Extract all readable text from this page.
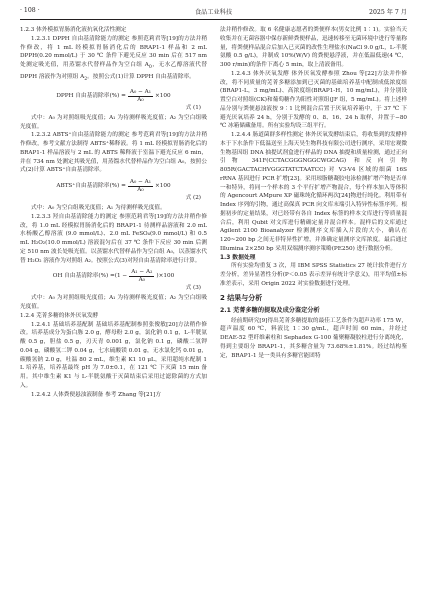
· 108 ·	食品工业科技	2025 年 7 月

1.2.3 体外模拟胃肠消化液抗氧化活性测定

1.2.3.1 DPPH 自由基清除能力的测定 参照范莉君等[19]的方法并稍作修改，将 1 mL 经模拟胃肠消化后的 BRAP1-1 样品和 2 mL DPPH(0.20 mmol/L) 于 30 ℃ 条件下避光反应 30 min 后在 517 nm 处测定吸光值，用蒸馏水代替样品作为空白组 $A_0$，无水乙醇溶液代替 DPPH 溶液作为对照组 $A_2$。按照公式(1)计算 DPPH 自由基清除率。

DPPH 自由基清除率(%) = $\frac{\text{A₀ − A₁}}{\text{A₀}} \times 100$
式 (1)

式中：A₀ 为对照组吸光度值；A₁ 为待测样吸光度值；A₂ 为空白组吸光度值。

1.2.3.2 ABTS⁺自由基清除能力的测定 参考范莉君等[19]的方法并稍作修改，参考文献方法制得 ABTS⁺稀释液。将 1 mL 经模拟胃肠消化后的 BRAP1-1 样品溶液与 2 mL 的 ABTS 稀释液于室温下避光反应 6 min，并在 734 nm 处测定其吸光值，用蒸馏水代替样品作为空白组 A₀，按照公式(2)计算 ABTS⁺自由基清除率。

ABTS⁺自由基清除率(%) = $\frac{\text{A₀ − A₁}}{\text{A₀}} \times 100$
式 (2)

式中：A₀ 为空白组吸光度值；A₁ 为待测样吸光度值。

1.2.3.3 羟自由基清除能力的测定 参照范莉君等[19]的方法并稍作修改，将 1.0 mL 经模拟胃肠消化后的 BRAP1-1 待测样品溶液和 2.0 mL 水杨酸乙醇溶液 (9.0 mmol/L)、2.0 mL FeSO₄(9.0 mmol/L) 和 0.5 mL H₂O₂(10.0 mmol/L) 溶液混匀后在 37 ℃ 条件下反应 30 min 后测定 510 nm 波长处吸光值。以蒸馏水代替样品作为空白组 A₀，以蒸馏水代替 H₂O₂ 溶液作为对照组 A₂。按照公式(3)对羟自由基清除率进行计算。

OH 自由基清除率(%) = $(1 - \frac{\text{A₁ − A₂}}{\text{A₀}} )\times 100$
式 (3)

式中：A₀ 为对照组吸光度值；A₁ 为待测样吸光度值；A₂ 为空白组吸光度值。

1.2.4 芜菁多糖的体外厌氧发酵

1.2.4.1 基础培养基配制 基础培养基配制参照张俊敏[20]方法稍作修改。培养基成分为蛋白胨 2.0 g，酵母粉 2.0 g，氯化钠 0.1 g，L-半胱氨酸 0.5 g，胆盐 0.5 g，刃天青 0.001 g，氯化钠 0.1 g，磷酸二氢钾 0.04 g，磷酸氢二钾 0.04 g，七水硫酸镁 0.01 g，无水氯化钙 0.01 g，碳酸氢钠 2.0 g，吐温 80 2 mL，维生素 K1 10 μL，采用超纯水配制 1 L 培养基，培养基最终 pH 为 7.0±0.1，在 121 ℃ 下灭菌 15 min 备用。其中维生素 K1 与 L-半胱氨酸于灭菌结束后采用过滤除菌的方式加入。

1.2.4.2 人体粪便悬浊液制备 参考 Zhang 等[21]方

法并稍作修改。取 6 名健康志愿者的粪便样本(男女比例 1∶1)。实验当天收集并在无菌容器中保存新鲜粪便样品，迅速转移至无菌环境中进行等量称量，将粪便样品混合后加入已灭菌的改性生理盐水(NaCl 9.0 g/L，L-半胱氨酸 0.5 g/L)，并制成 10%(W/V) 的粪便悬浮液，并在低温低速(4 ℃，300 r/min)的条件下离心 5 min，取上清液备用。

1.2.4.3 体外厌氧发酵 体外厌氧发酵参照 Zhou 等[22]方法并作修改，将不同质量的芜菁多糖添加到已灭菌的基础培养基中配制成低浓度组(BRAP1-L，3 mg/mL)、高浓度组(BRAP1-H，10 mg/mL)，并分别设置空白对照组(CK)和葡萄糖作为阳性对照组(JF 组，5 mg/mL)。将上述样品分别与粪便悬浊液按 9∶1 比例混合后置于厌氧培养箱中，于 37 ℃ 下避光厌氧培养 24 h，分别于发酵的 0、8、16、24 h 取样，并置于−80 ℃ 冰箱储藏备用。所有实验均设三组平行。

1.2.4.4 肠道菌群多样性测定 体外厌氧发酵结束后，将收集到的发酵样本于下水条件下低温送至上海天昊生物科技有限公司进行测序，采用宏观微生物基因组 DNA 抽提试剂盒进行样品的 DNA 抽提和质量检测，通过正向引物 341F(CCTACGGGNGGCWGCAG) 和反向引物 805R(GACTACHVGGGTATCTAATCC) 对 V3-V4 区域的细菌 16S rRNA 基因进行 PCR 扩增[23]。采用琼脂糖凝胶电泳检测扩增产物是否单一和特异，将同一个样本的 3 个平行扩增产物混合，每个样本加入等体积的 Agencourt AMpure XP 磁珠纯化循环两次[24]物进行纯化。利用带有 Index 序列的引物，通过高保真 PCR 向文库末端引入特异性标签序列。根据初步的定量结果，对已经带有各自 Index 标签的样本文库进行等质量混合后，利用 Qubit 对文库进行精确定量并混合样本。混样后的文库通过 Agilent 2100 Bioanalyzer 检测测序文库插入片段的大小，确认在 120~200 bp 之间无非特异性扩增，并准确定量测序文库浓度。最后通过 Illumina 2×250 bp 采用双端测序测序策略(PE250) 进行数据分析。

1.3 数据处理

所有实验均重复 3 次，用 IBM SPSS Statistics 27 统计软件进行方差分析，差异显著性分析(P＜0.05 表示差异有统计学意义)，用平均值±标准差表示，采用 Origin 2022 对实验数据进行处理。

2 结果与分析

2.1 芜菁多糖的提取及成分鉴定分析

经前期研究[9]得出芜菁多糖提取的最佳工艺条件为超声功率 175 W，超声温度 60 ℃，料液比 1∶30 g/mL，超声时间 60 min，并经过 DEAE-52 型纤维素柱和 Sephadex G-100 葡聚糖凝胶柱进行分离纯化，得到主要组分 BRAP1-1，其多糖含量为 73.68%±1.81%。经过结构鉴定，BRAP1-1 是一类具有多糖官能团特
